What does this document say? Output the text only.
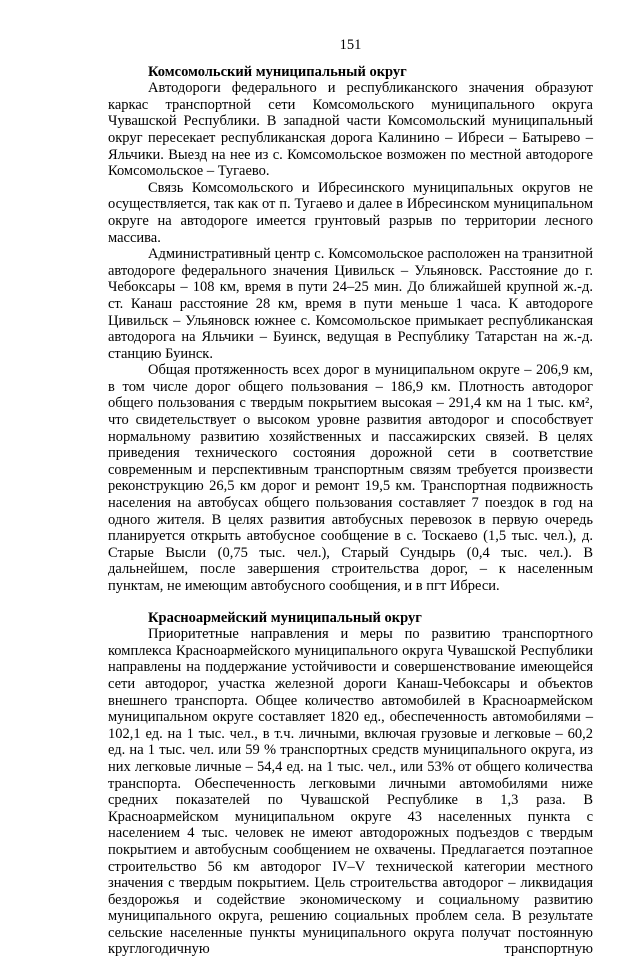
151
Комсомольский муниципальный округ

Автодороги федерального и республиканского значения образуют каркас транспортной сети Комсомольского муниципального округа Чувашской Республики. В западной части Комсомольский муниципальный округ пересекает республиканская дорога Калинино – Ибреси – Батырево – Яльчики. Выезд на нее из с. Комсомольское возможен по местной автодороге Комсомольское – Тугаево.

Связь Комсомольского и Ибресинского муниципальных округов не осуществляется, так как от п. Тугаево и далее в Ибресинском муниципальном округе на автодороге имеется грунтовый разрыв по территории лесного массива.

Административный центр с. Комсомольское расположен на транзитной автодороге федерального значения Цивильск – Ульяновск. Расстояние до г. Чебоксары – 108 км, время в пути 24–25 мин. До ближайшей крупной ж.-д. ст. Канаш расстояние 28 км, время в пути меньше 1 часа. К автодороге Цивильск – Ульяновск южнее с. Комсомольское примыкает республиканская автодорога на Яльчики – Буинск, ведущая в Республику Татарстан на ж.-д. станцию Буинск.

Общая протяженность всех дорог в муниципальном округе – 206,9 км, в том числе дорог общего пользования – 186,9 км. Плотность автодорог общего пользования с твердым покрытием высокая – 291,4 км на 1 тыс. км², что свидетельствует о высоком уровне развития автодорог и способствует нормальному развитию хозяйственных и пассажирских связей. В целях приведения технического состояния дорожной сети в соответствие современным и перспективным транспортным связям требуется произвести реконструкцию 26,5 км дорог и ремонт 19,5 км. Транспортная подвижность населения на автобусах общего пользования составляет 7 поездок в год на одного жителя. В целях развития автобусных перевозок в первую очередь планируется открыть автобусное сообщение в с. Тоскаево (1,5 тыс. чел.), д. Старые Высли (0,75 тыс. чел.), Старый Сундырь (0,4 тыс. чел.). В дальнейшем, после завершения строительства дорог, – к населенным пунктам, не имеющим автобусного сообщения, и в пгт Ибреси.

Красноармейский муниципальный округ

Приоритетные направления и меры по развитию транспортного комплекса Красноармейского муниципального округа Чувашской Республики направлены на поддержание устойчивости и совершенствование имеющейся сети автодорог, участка железной дороги Канаш-Чебоксары и объектов внешнего транспорта. Общее количество автомобилей в Красноармейском муниципальном округе составляет 1820 ед., обеспеченность автомобилями – 102,1 ед. на 1 тыс. чел., в т.ч. личными, включая грузовые и легковые – 60,2 ед. на 1 тыс. чел. или 59 % транспортных средств муниципального округа, из них легковые личные – 54,4 ед. на 1 тыс. чел., или 53% от общего количества транспорта. Обеспеченность легковыми личными автомобилями ниже средних показателей по Чувашской Республике в 1,3 раза. В Красноармейском муниципальном округе 43 населенных пункта с населением 4 тыс. человек не имеют автодорожных подъездов с твердым покрытием и автобусным сообщением не охвачены. Предлагается поэтапное строительство 56 км автодорог IV–V технической категории местного значения с твердым покрытием. Цель строительства автодорог – ликвидация бездорожья и содействие экономическому и социальному развитию муниципального округа, решению социальных проблем села. В результате сельские населенные пункты муниципального округа получат постоянную круглогодичную транспортную
